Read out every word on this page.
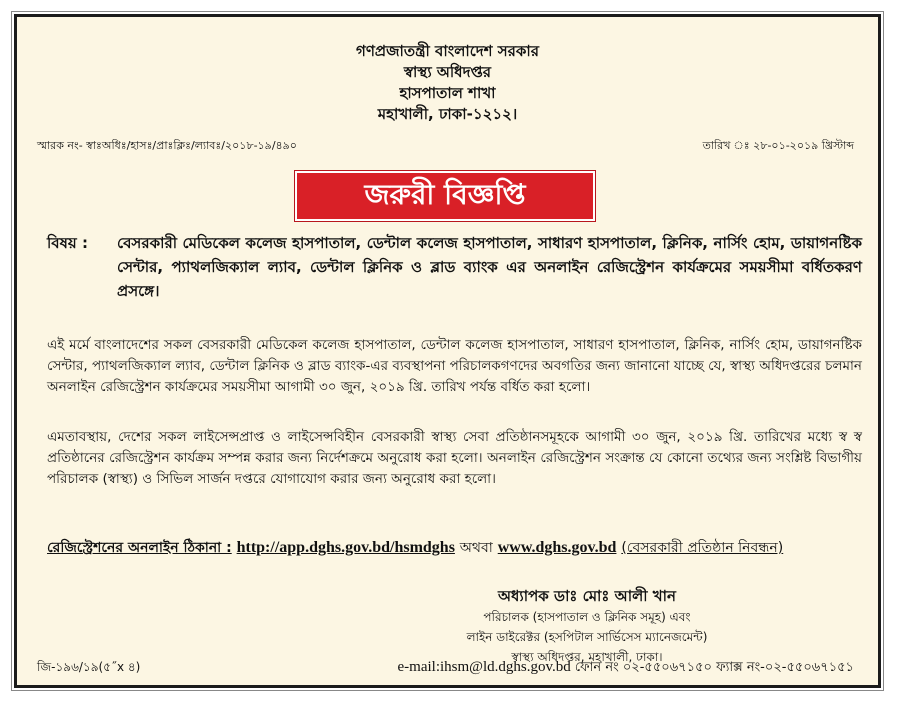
গণপ্রজাতন্ত্রী বাংলাদেশ সরকার
স্বাস্থ্য অধিদপ্তর
হাসপাতাল শাখা
মহাখালী, ঢাকা-১২১২।
স্মারক নং- স্বাঃঅধিঃ/হাসঃ/প্রাঃক্লিঃ/ল্যাবঃ/২০১৮-১৯/৪৯০	তারিখ ঃ ২৮-০১-২০১৯ খ্রিস্টাব্দ
জরুরী বিজ্ঞপ্তি
বিষয় : বেসরকারী মেডিকেল কলেজ হাসপাতাল, ডেন্টাল কলেজ হাসপাতাল, সাধারণ হাসপাতাল, ক্লিনিক, নার্সিং হোম, ডায়াগনষ্টিক সেন্টার, প্যাথলজিক্যাল ল্যাব, ডেন্টাল ক্লিনিক ও ব্লাড ব্যাংক এর অনলাইন রেজিস্ট্রেশন কার্যক্রমের সময়সীমা বর্ধিতকরণ প্রসঙ্গে।
এই মর্মে বাংলাদেশের সকল বেসরকারী মেডিকেল কলেজ হাসপাতাল, ডেন্টাল কলেজ হাসপাতাল, সাধারণ হাসপাতাল, ক্লিনিক, নার্সিং হোম, ডায়াগনষ্টিক সেন্টার, প্যাথলজিক্যাল ল্যাব, ডেন্টাল ক্লিনিক ও ব্লাড ব্যাংক-এর ব্যবস্থাপনা পরিচালকগণদের অবগতির জন্য জানানো যাচ্ছে যে, স্বাস্থ্য অধিদপ্তরের চলমান অনলাইন রেজিস্ট্রেশন কার্যক্রমের সময়সীমা আগামী ৩০ জুন, ২০১৯ খ্রি. তারিখ পর্যন্ত বর্ধিত করা হলো।
এমতাবস্থায়, দেশের সকল লাইসেন্সপ্রাপ্ত ও লাইসেন্সবিহীন বেসরকারী স্বাস্থ্য সেবা প্রতিষ্ঠানসমূহকে আগামী ৩০ জুন, ২০১৯ খ্রি. তারিখের মধ্যে স্ব স্ব প্রতিষ্ঠানের রেজিস্ট্রেশন কার্যক্রম সম্পন্ন করার জন্য নির্দেশক্রমে অনুরোধ করা হলো। অনলাইন রেজিস্ট্রেশন সংক্রান্ত যে কোনো তথ্যের জন্য সংশ্লিষ্ট বিভাগীয় পরিচালক (স্বাস্থ্য) ও সিভিল সার্জন দপ্তরে যোগাযোগ করার জন্য অনুরোধ করা হলো।
রেজিস্ট্রেশনের অনলাইন ঠিকানা : http://app.dghs.gov.bd/hsmdghs অথবা www.dghs.gov.bd (বেসরকারী প্রতিষ্ঠান নিবন্ধন)
অধ্যাপক ডাঃ মোঃ আলী খান
পরিচালক (হাসপাতাল ও ক্লিনিক সমূহ) এবং
লাইন ডাইরেক্টর (হসপিটাল সার্ভিসেস ম্যানেজমেন্ট)
স্বাস্থ্য অধিদপ্তর, মহাখালী, ঢাকা।
জি-১৯৬/১৯(৫˝x ৪)	e-mail:ihsm@ld.dghs.gov.bd ফোন নং ০২-৫৫০৬৭১৫০ ফ্যাক্স নং-০২-৫৫০৬৭১৫১
